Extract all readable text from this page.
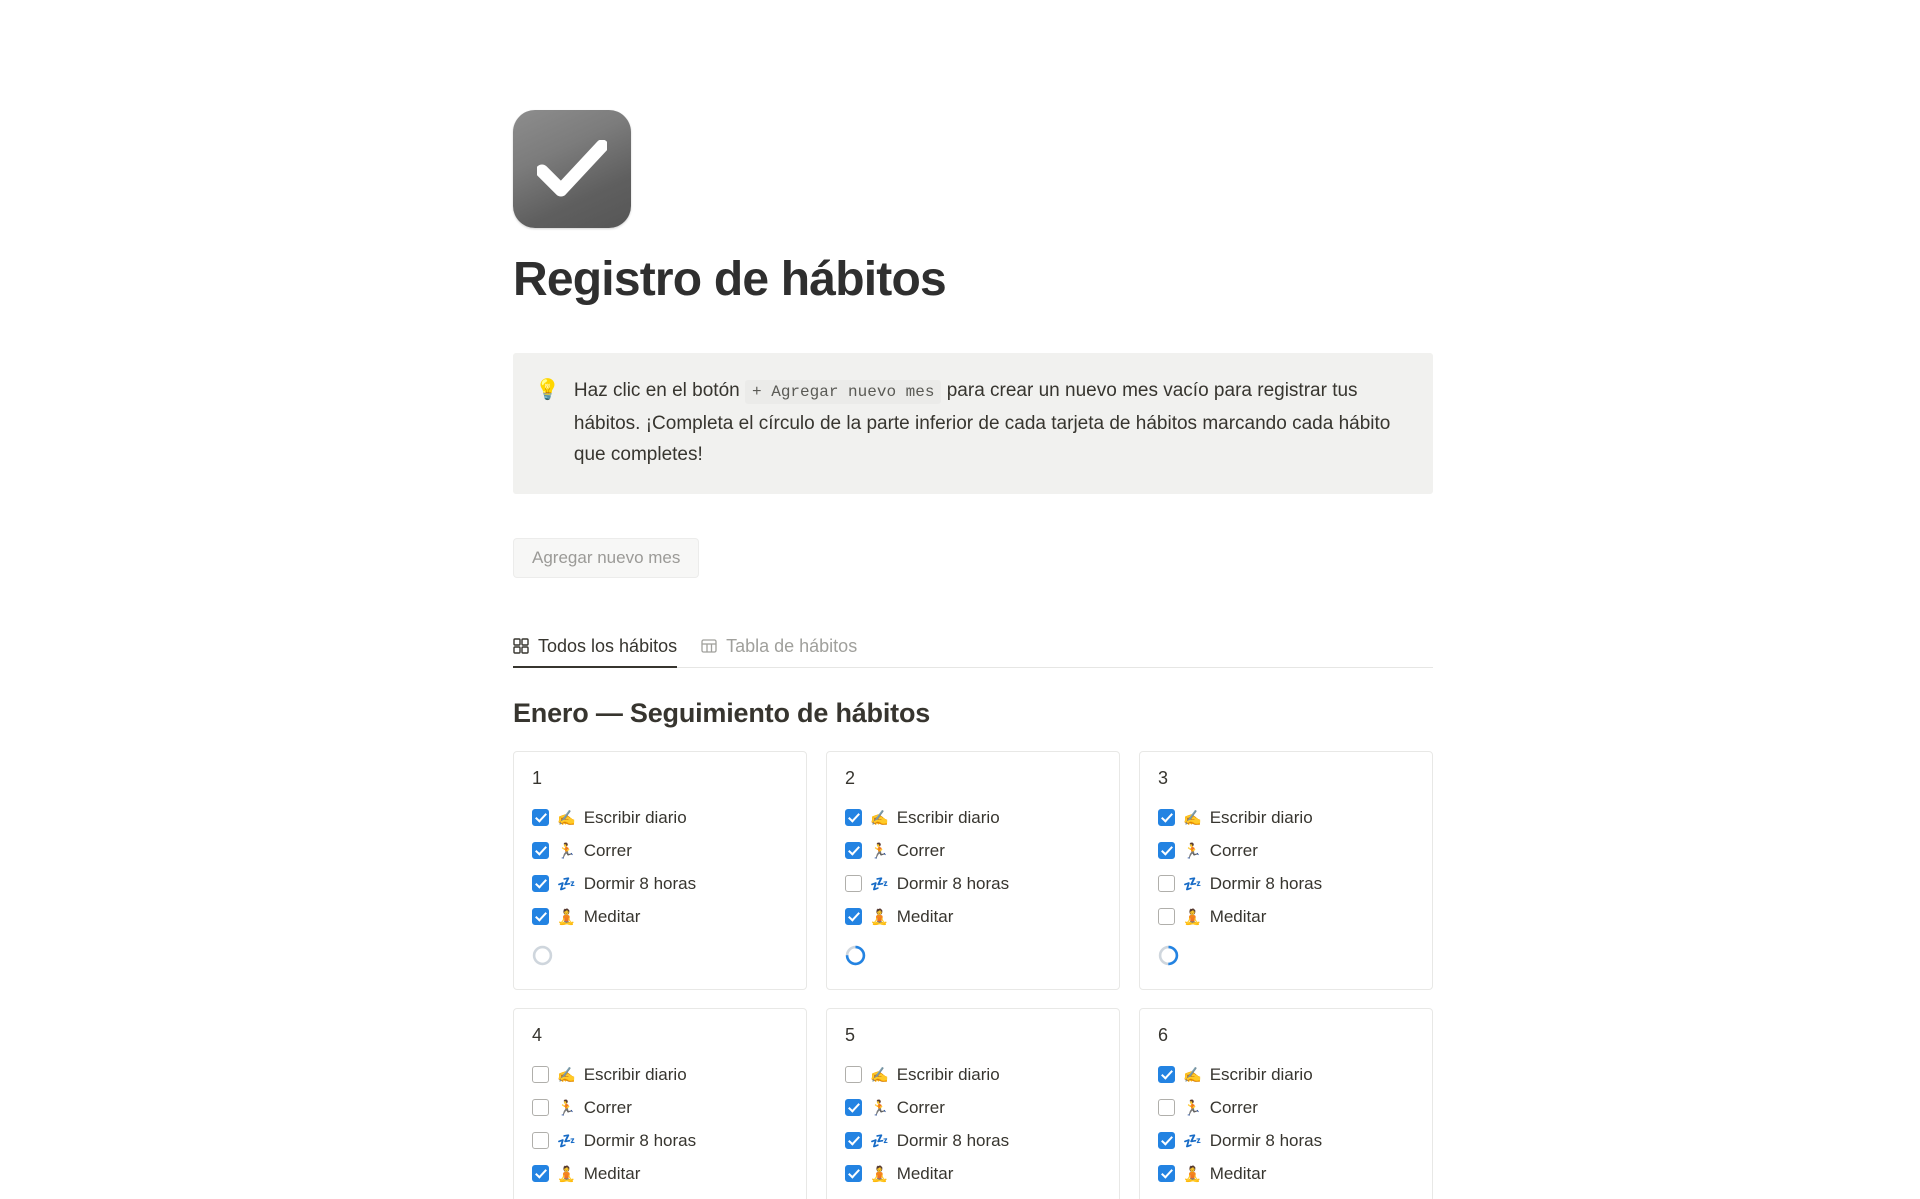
Registro de hábitos
💡 Haz clic en el botón + Agregar nuevo mes para crear un nuevo mes vacío para registrar tus hábitos. ¡Completa el círculo de la parte inferior de cada tarjeta de hábitos marcando cada hábito que completes!
Agregar nuevo mes
Todos los hábitos	Tabla de hábitos
Enero — Seguimiento de hábitos
1
✍️ Escribir diario
🏃 Correr
💤 Dormir 8 horas
🧘 Meditar
2
✍️ Escribir diario
🏃 Correr
💤 Dormir 8 horas
🧘 Meditar
3
✍️ Escribir diario
🏃 Correr
💤 Dormir 8 horas
🧘 Meditar
4
✍️ Escribir diario
🏃 Correr
💤 Dormir 8 horas
🧘 Meditar
5
✍️ Escribir diario
🏃 Correr
💤 Dormir 8 horas
🧘 Meditar
6
✍️ Escribir diario
🏃 Correr
💤 Dormir 8 horas
🧘 Meditar
